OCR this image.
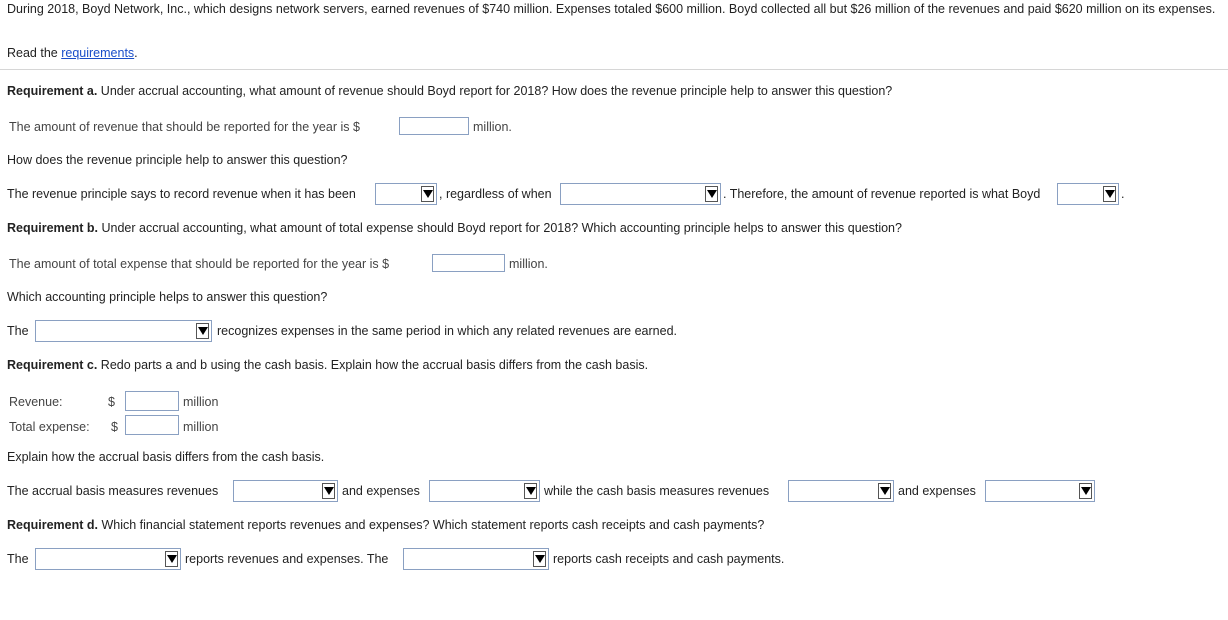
During 2018, Boyd Network, Inc., which designs network servers, earned revenues of $740 million. Expenses totaled $600 million. Boyd collected all but $26 million of the revenues and paid $620 million on its expenses.
Read the requirements.
Requirement a. Under accrual accounting, what amount of revenue should Boyd report for 2018? How does the revenue principle help to answer this question?
The amount of revenue that should be reported for the year is $	million.
How does the revenue principle help to answer this question?
The revenue principle says to record revenue when it has been	, regardless of when	. Therefore, the amount of revenue reported is what Boyd	.
Requirement b. Under accrual accounting, what amount of total expense should Boyd report for 2018? Which accounting principle helps to answer this question?
The amount of total expense that should be reported for the year is $	million.
Which accounting principle helps to answer this question?
The	recognizes expenses in the same period in which any related revenues are earned.
Requirement c. Redo parts a and b using the cash basis. Explain how the accrual basis differs from the cash basis.
Revenue:	$	million
Total expense: $	million
Explain how the accrual basis differs from the cash basis.
The accrual basis measures revenues	and expenses	while the cash basis measures revenues	and expenses
Requirement d. Which financial statement reports revenues and expenses? Which statement reports cash receipts and cash payments?
The	reports revenues and expenses. The	reports cash receipts and cash payments.
